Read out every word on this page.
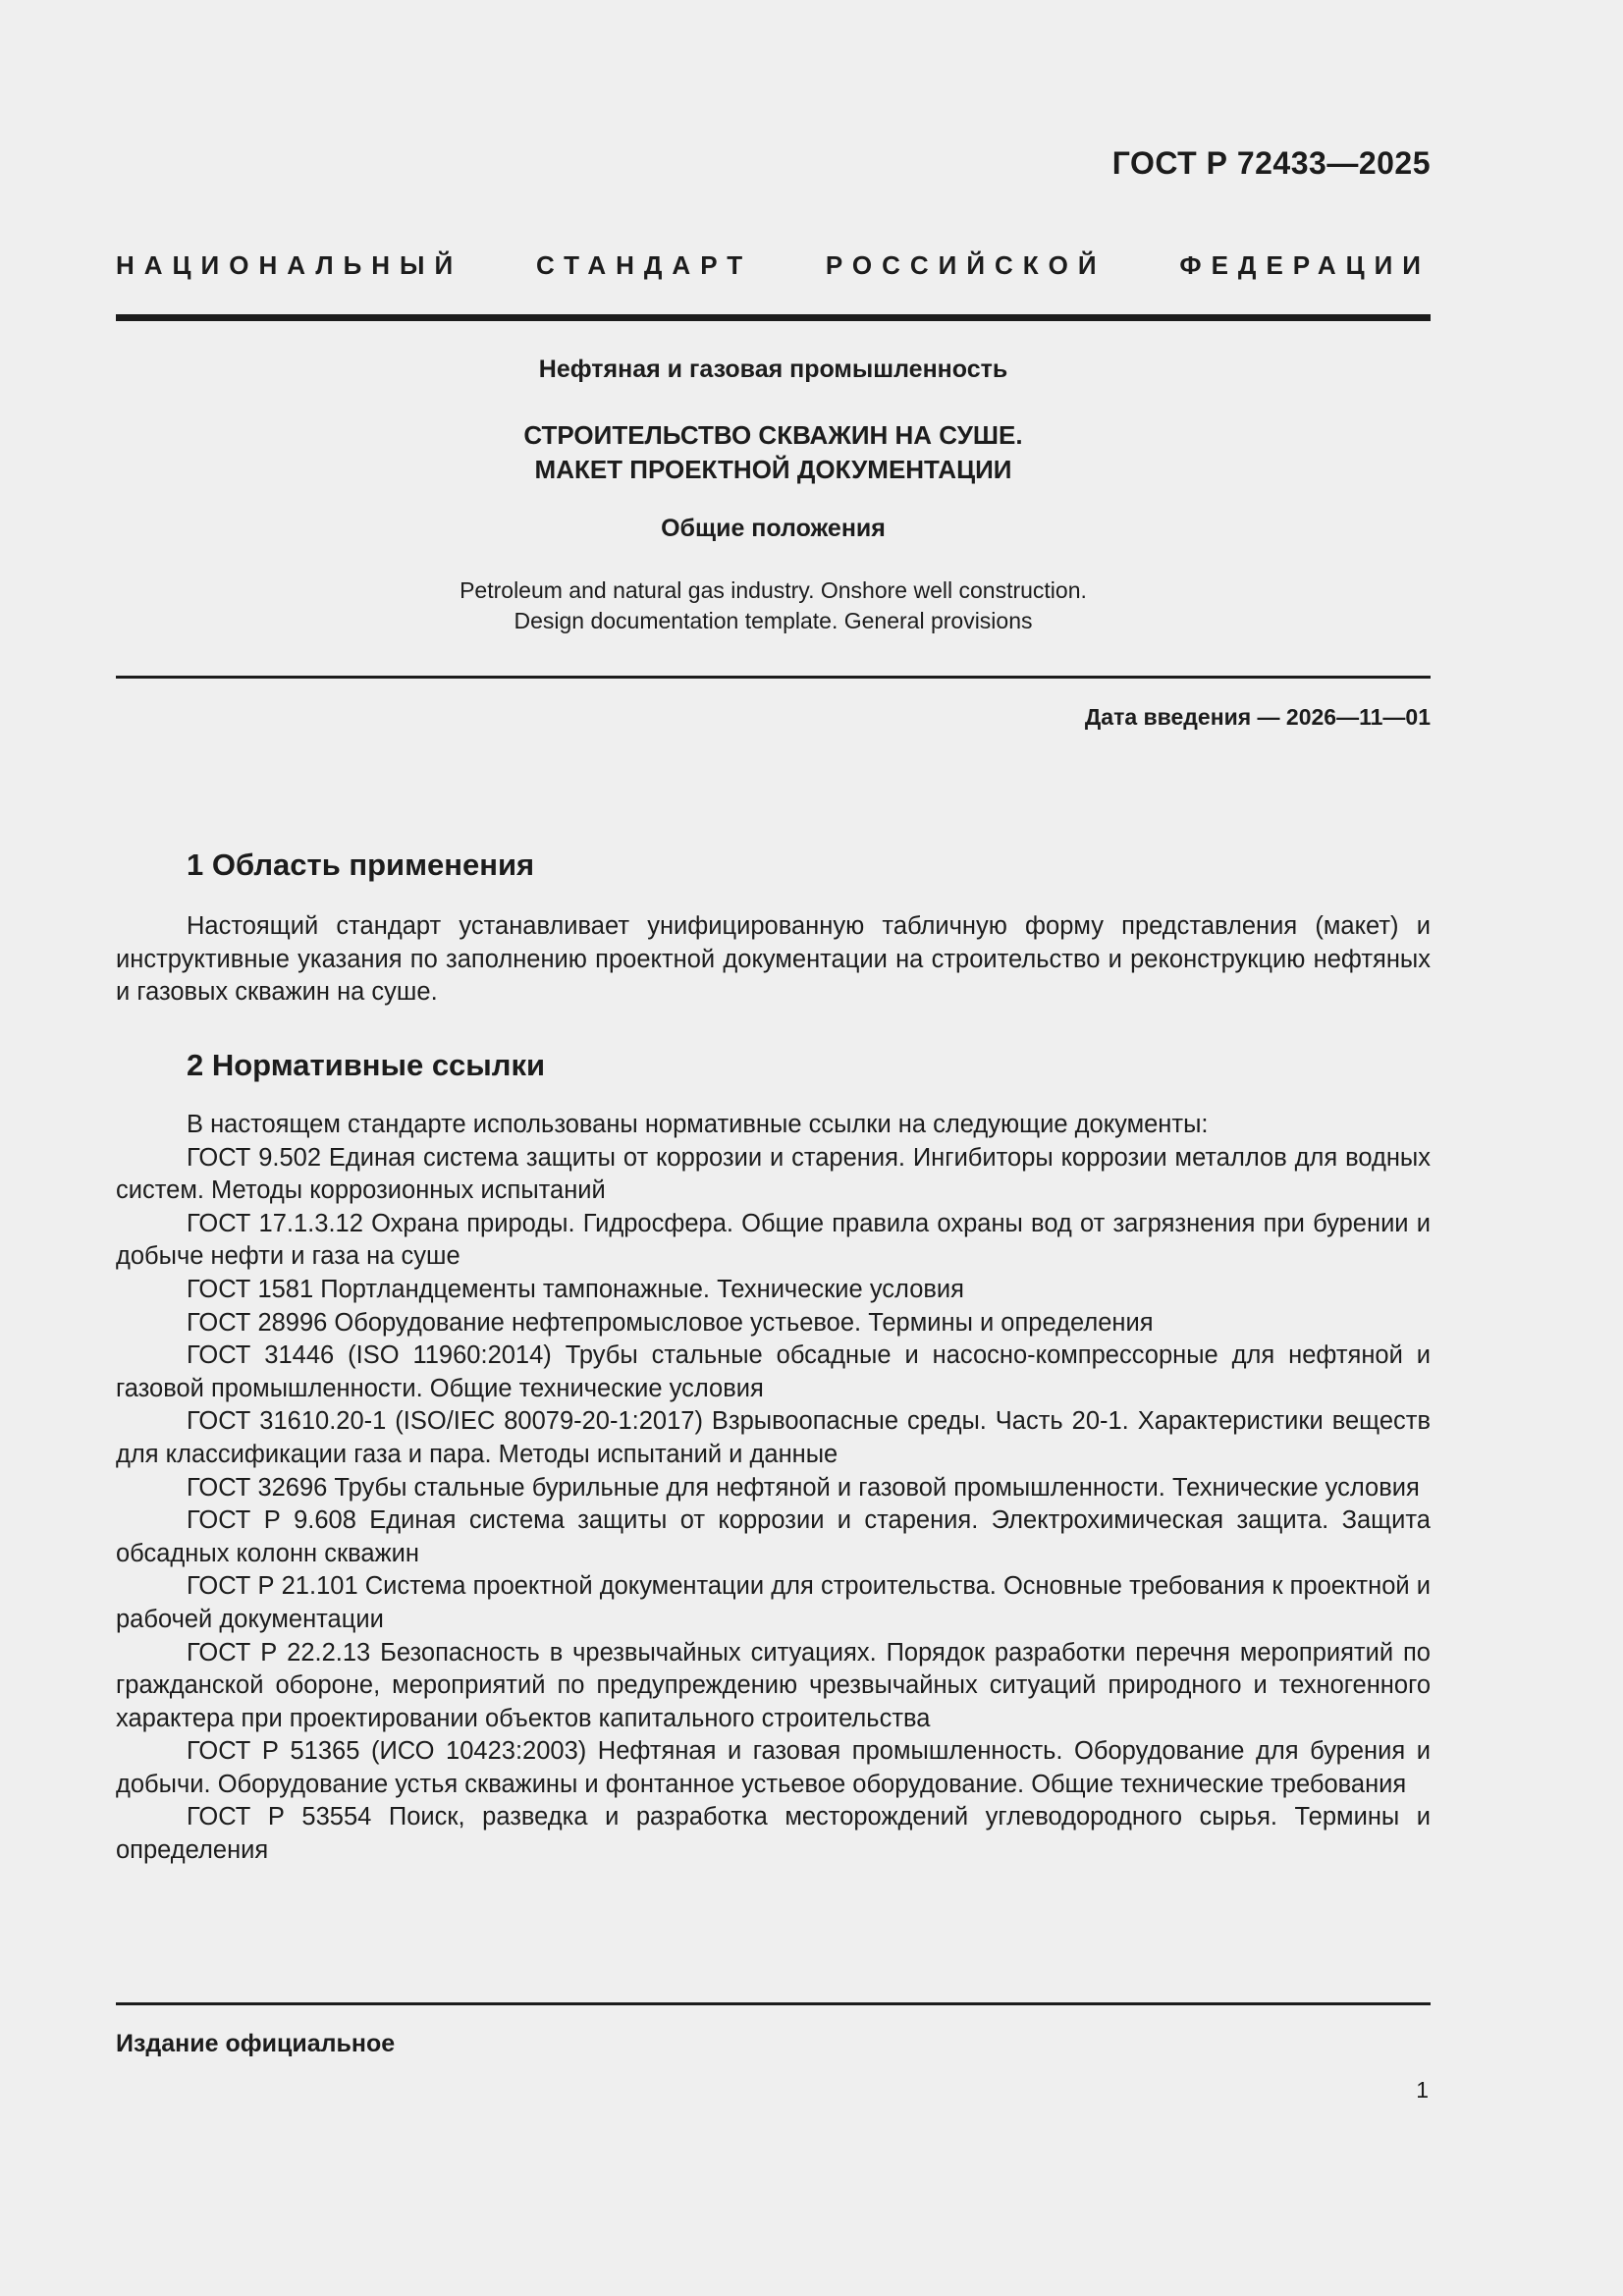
ГОСТ Р 72433—2025
НАЦИОНАЛЬНЫЙ СТАНДАРТ РОССИЙСКОЙ ФЕДЕРАЦИИ
Нефтяная и газовая промышленность
СТРОИТЕЛЬСТВО СКВАЖИН НА СУШЕ.
МАКЕТ ПРОЕКТНОЙ ДОКУМЕНТАЦИИ
Общие положения
Petroleum and natural gas industry. Onshore well construction.
Design documentation template. General provisions
Дата введения — 2026—11—01
1 Область применения

Настоящий стандарт устанавливает унифицированную табличную форму представления (макет) и инструктивные указания по заполнению проектной документации на строительство и реконструкцию нефтяных и газовых скважин на суше.

2 Нормативные ссылки

В настоящем стандарте использованы нормативные ссылки на следующие документы:

ГОСТ 9.502 Единая система защиты от коррозии и старения. Ингибиторы коррозии металлов для водных систем. Методы коррозионных испытаний

ГОСТ 17.1.3.12 Охрана природы. Гидросфера. Общие правила охраны вод от загрязнения при бурении и добыче нефти и газа на суше

ГОСТ 1581 Портландцементы тампонажные. Технические условия

ГОСТ 28996 Оборудование нефтепромысловое устьевое. Термины и определения

ГОСТ 31446 (ISO 11960:2014) Трубы стальные обсадные и насосно-компрессорные для нефтяной и газовой промышленности. Общие технические условия

ГОСТ 31610.20-1 (ISO/IEC 80079-20-1:2017) Взрывоопасные среды. Часть 20-1. Характеристики веществ для классификации газа и пара. Методы испытаний и данные

ГОСТ 32696 Трубы стальные бурильные для нефтяной и газовой промышленности. Технические условия

ГОСТ Р 9.608 Единая система защиты от коррозии и старения. Электрохимическая защита. Защита обсадных колонн скважин

ГОСТ Р 21.101 Система проектной документации для строительства. Основные требования к проектной и рабочей документации

ГОСТ Р 22.2.13 Безопасность в чрезвычайных ситуациях. Порядок разработки перечня мероприятий по гражданской обороне, мероприятий по предупреждению чрезвычайных ситуаций природного и техногенного характера при проектировании объектов капитального строительства

ГОСТ Р 51365 (ИСО 10423:2003) Нефтяная и газовая промышленность. Оборудование для бурения и добычи. Оборудование устья скважины и фонтанное устьевое оборудование. Общие технические требования

ГОСТ Р 53554 Поиск, разведка и разработка месторождений углеводородного сырья. Термины и определения

Издание официальное
1
